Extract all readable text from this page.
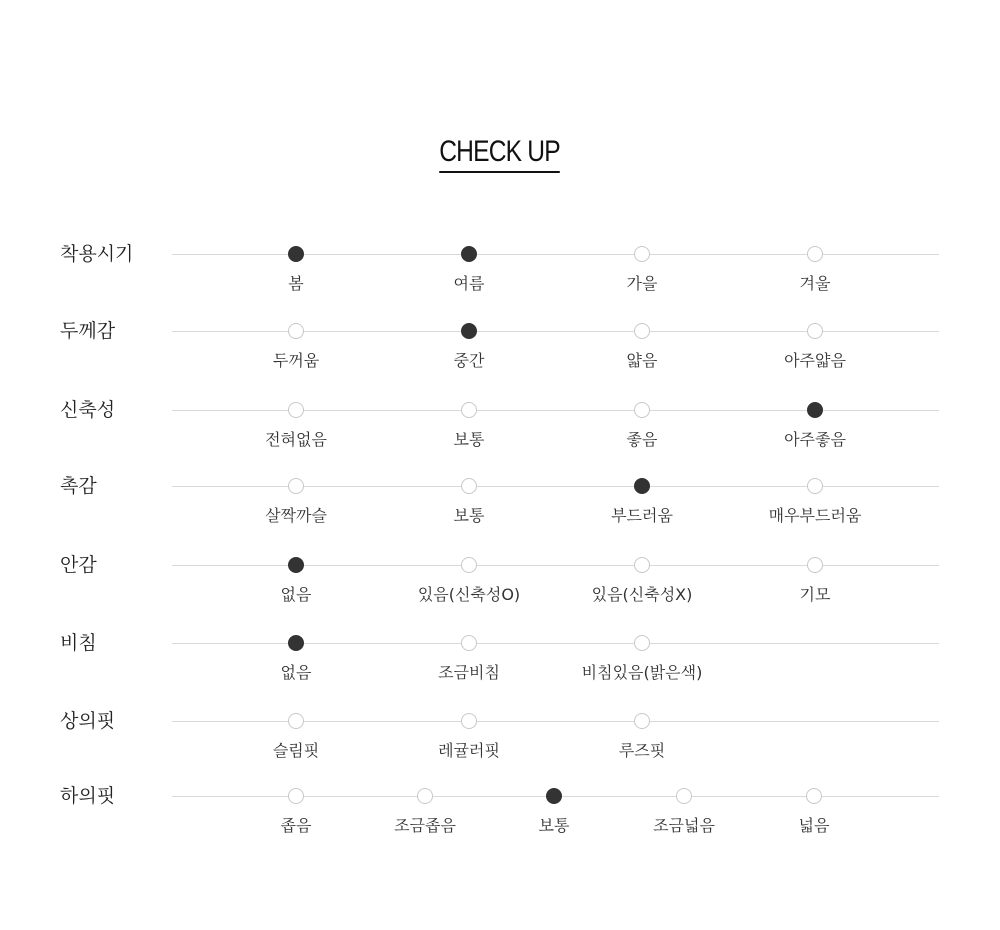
CHECK UP
착용시기
봄	여름	가을	겨울
두께감
두꺼움	중간	얇음	아주얇음
신축성
전혀없음	보통	좋음	아주좋음
촉감
살짝까슬	보통	부드러움	매우부드러움
안감
없음	있음(신축성O)	있음(신축성X)	기모
비침
없음	조금비침	비침있음(밝은색)
상의핏
슬림핏	레귤러핏	루즈핏
하의핏
좁음	조금좁음	보통	조금넓음	넓음
